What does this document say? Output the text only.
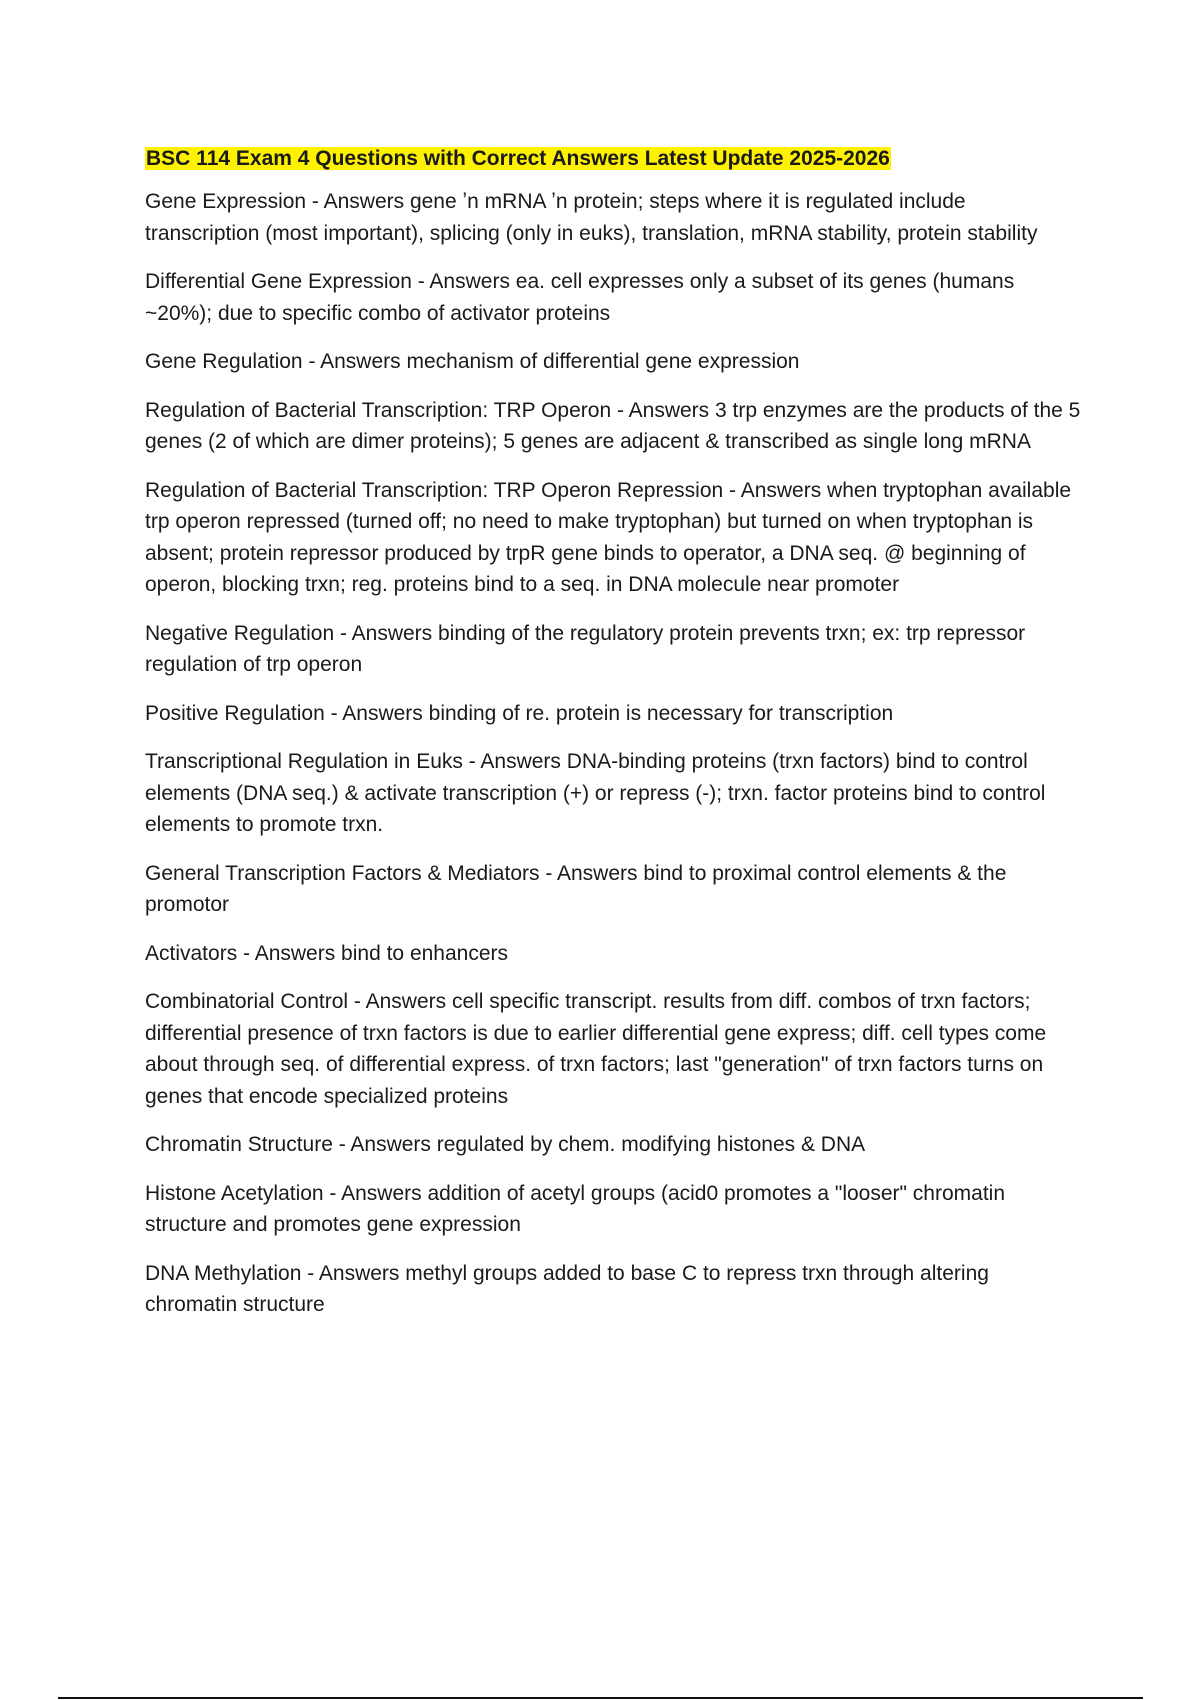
BSC 114 Exam 4 Questions with Correct Answers Latest Update 2025-2026

Gene Expression - Answers gene ʼn mRNA ʼn protein; steps where it is regulated include transcription (most important), splicing (only in euks), translation, mRNA stability, protein stability

Differential Gene Expression - Answers ea. cell expresses only a subset of its genes (humans ~20%); due to specific combo of activator proteins

Gene Regulation - Answers mechanism of differential gene expression

Regulation of Bacterial Transcription: TRP Operon - Answers 3 trp enzymes are the products of the 5 genes (2 of which are dimer proteins); 5 genes are adjacent & transcribed as single long mRNA

Regulation of Bacterial Transcription: TRP Operon Repression - Answers when tryptophan available trp operon repressed (turned off; no need to make tryptophan) but turned on when tryptophan is absent; protein repressor produced by trpR gene binds to operator, a DNA seq. @ beginning of operon, blocking trxn; reg. proteins bind to a seq. in DNA molecule near promoter

Negative Regulation - Answers binding of the regulatory protein prevents trxn; ex: trp repressor regulation of trp operon

Positive Regulation - Answers binding of re. protein is necessary for transcription

Transcriptional Regulation in Euks - Answers DNA-binding proteins (trxn factors) bind to control elements (DNA seq.) & activate transcription (+) or repress (-); trxn. factor proteins bind to control elements to promote trxn.

General Transcription Factors & Mediators - Answers bind to proximal control elements & the promotor

Activators - Answers bind to enhancers

Combinatorial Control - Answers cell specific transcript. results from diff. combos of trxn factors; differential presence of trxn factors is due to earlier differential gene express; diff. cell types come about through seq. of differential express. of trxn factors; last "generation" of trxn factors turns on genes that encode specialized proteins

Chromatin Structure - Answers regulated by chem. modifying histones & DNA

Histone Acetylation - Answers addition of acetyl groups (acid0 promotes a "looser" chromatin structure and promotes gene expression

DNA Methylation - Answers methyl groups added to base C to repress trxn through altering chromatin structure
